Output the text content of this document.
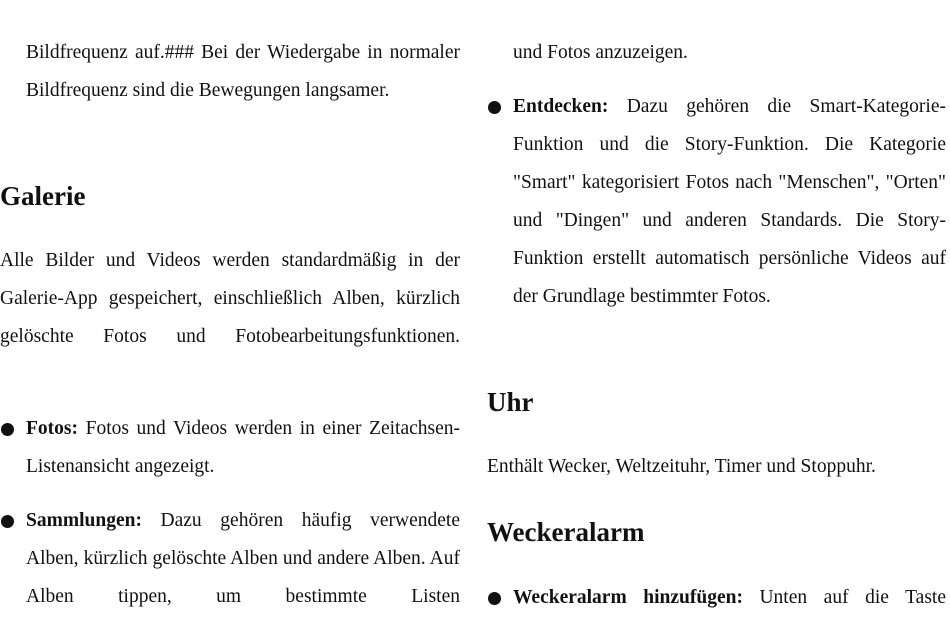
Bildfrequenz auf.### Bei der Wiedergabe in normaler Bildfrequenz sind die Bewegungen langsamer.

Galerie

Alle Bilder und Videos werden standardmäßig in der Galerie-App gespeichert, einschließlich Alben, kürzlich gelöschte Fotos und Fotobearbeitungsfunktionen.

Fotos: Fotos und Videos werden in einer Zeitachsen-Listenansicht angezeigt.

Sammlungen: Dazu gehören häufig verwendete Alben, kürzlich gelöschte Alben und andere Alben. Auf Alben tippen, um bestimmte Listen

und Fotos anzuzeigen.

Entdecken: Dazu gehören die Smart-Kategorie-Funktion und die Story-Funktion. Die Kategorie "Smart" kategorisiert Fotos nach "Menschen", "Orten" und "Dingen" und anderen Standards. Die Story-Funktion erstellt automatisch persönliche Videos auf der Grundlage bestimmter Fotos.

Uhr

Enthält Wecker, Weltzeituhr, Timer und Stoppuhr.

Weckeralarm

Weckeralarm hinzufügen: Unten auf die Taste
